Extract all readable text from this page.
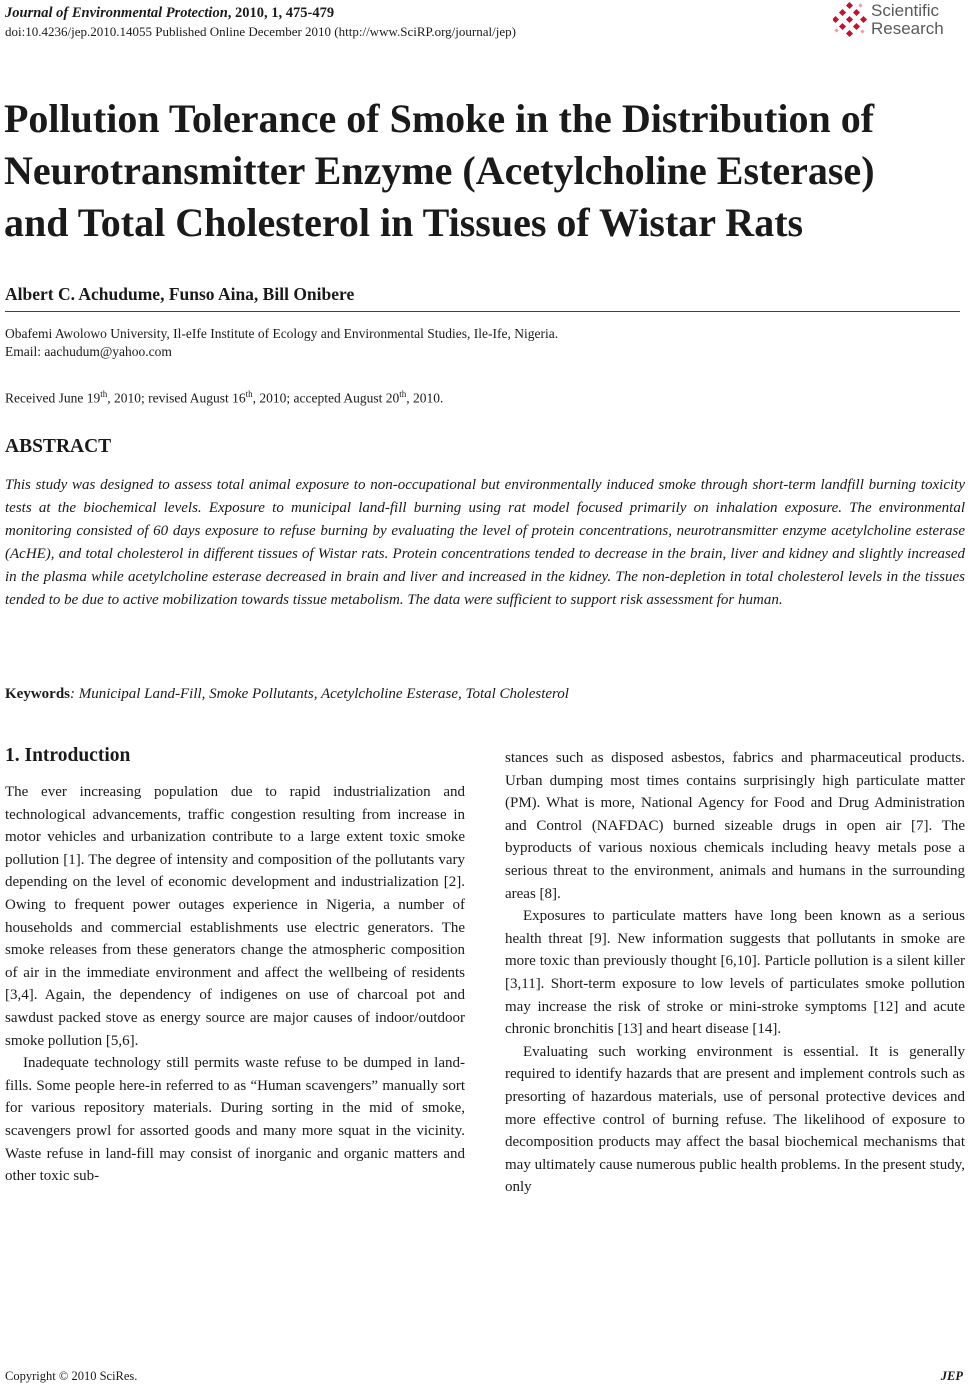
Journal of Environmental Protection, 2010, 1, 475-479
doi:10.4236/jep.2010.14055 Published Online December 2010 (http://www.SciRP.org/journal/jep)
Scientific
Research
Pollution Tolerance of Smoke in the Distribution of
Neurotransmitter Enzyme (Acetylcholine Esterase)
and Total Cholesterol in Tissues of Wistar Rats
Albert C. Achudume, Funso Aina, Bill Onibere
Obafemi Awolowo University, Il-eIfe Institute of Ecology and Environmental Studies, Ile-Ife, Nigeria.
Email: aachudum@yahoo.com
Received June 19th, 2010; revised August 16th, 2010; accepted August 20th, 2010.
ABSTRACT

This study was designed to assess total animal exposure to non-occupational but environmentally induced smoke through short-term landfill burning toxicity tests at the biochemical levels. Exposure to municipal land-fill burning using rat model focused primarily on inhalation exposure. The environmental monitoring consisted of 60 days exposure to refuse burning by evaluating the level of protein concentrations, neurotransmitter enzyme acetylcholine esterase (AcHE), and total cholesterol in different tissues of Wistar rats. Protein concentrations tended to decrease in the brain, liver and kidney and slightly increased in the plasma while acetylcholine esterase decreased in brain and liver and increased in the kidney. The non-depletion in total cholesterol levels in the tissues tended to be due to active mobilization towards tissue metabolism. The data were sufficient to support risk assessment for human.

Keywords: Municipal Land-Fill, Smoke Pollutants, Acetylcholine Esterase, Total Cholesterol
1. Introduction

The ever increasing population due to rapid industrialization and technological advancements, traffic congestion resulting from increase in motor vehicles and urbanization contribute to a large extent toxic smoke pollution [1]. The degree of intensity and composition of the pollutants vary depending on the level of economic development and industrialization [2]. Owing to frequent power outages experience in Nigeria, a number of households and commercial establishments use electric generators. The smoke releases from these generators change the atmospheric composition of air in the immediate environment and affect the wellbeing of residents [3,4]. Again, the dependency of indigenes on use of charcoal pot and sawdust packed stove as energy source are major causes of indoor/outdoor smoke pollution [5,6].

Inadequate technology still permits waste refuse to be dumped in land-fills. Some people here-in referred to as “Human scavengers” manually sort for various repository materials. During sorting in the mid of smoke, scavengers prowl for assorted goods and many more squat in the vicinity. Waste refuse in land-fill may consist of inorganic and organic matters and other toxic sub-

stances such as disposed asbestos, fabrics and pharmaceutical products. Urban dumping most times contains surprisingly high particulate matter (PM). What is more, National Agency for Food and Drug Administration and Control (NAFDAC) burned sizeable drugs in open air [7]. The byproducts of various noxious chemicals including heavy metals pose a serious threat to the environment, animals and humans in the surrounding areas [8].

Exposures to particulate matters have long been known as a serious health threat [9]. New information suggests that pollutants in smoke are more toxic than previously thought [6,10]. Particle pollution is a silent killer [3,11]. Short-term exposure to low levels of particulates smoke pollution may increase the risk of stroke or mini-stroke symptoms [12] and acute chronic bronchitis [13] and heart disease [14].

Evaluating such working environment is essential. It is generally required to identify hazards that are present and implement controls such as presorting of hazardous materials, use of personal protective devices and more effective control of burning refuse. The likelihood of exposure to decomposition products may affect the basal biochemical mechanisms that may ultimately cause numerous public health problems. In the present study, only

Copyright © 2010 SciRes.	JEP
